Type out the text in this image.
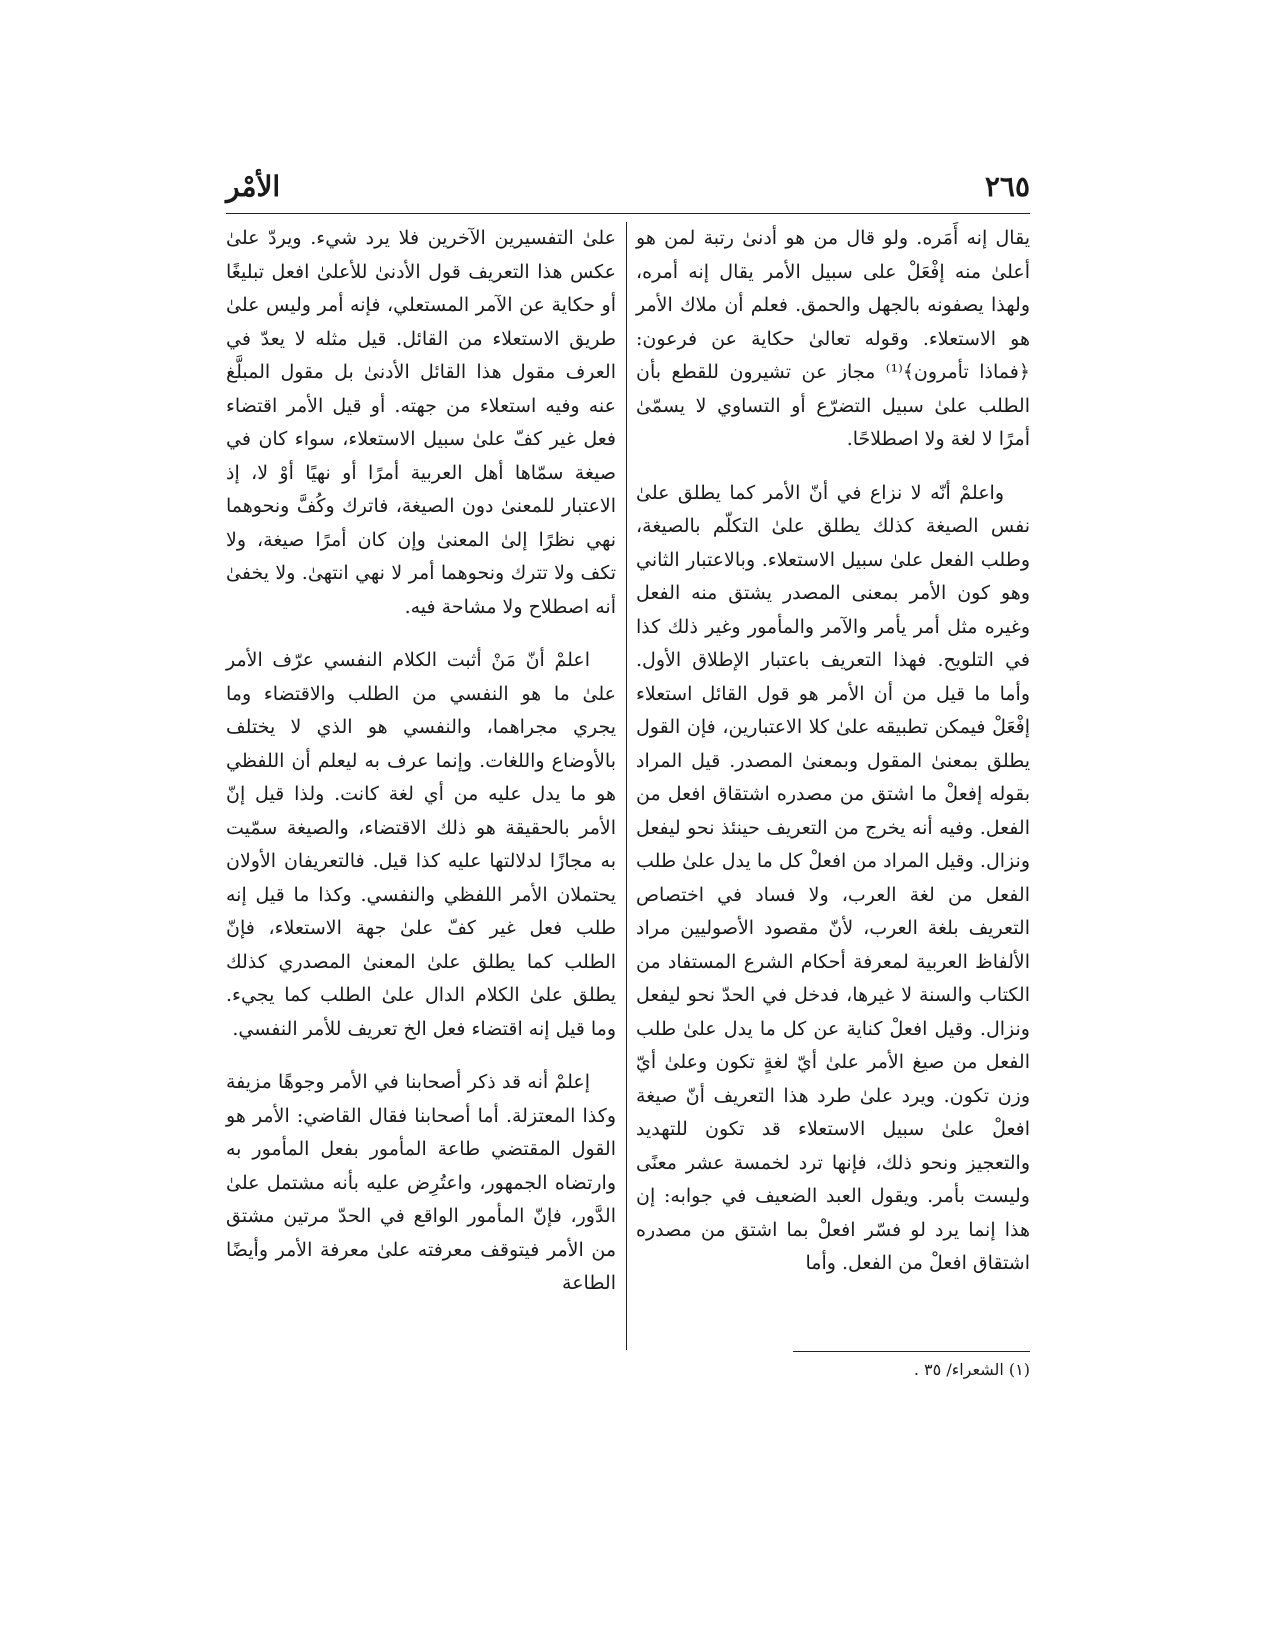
٢٦٥
الأمْر

يقال إنه أَمَره. ولو قال من هو أدنىٰ رتبة لمن هو أعلىٰ منه إفْعَلْ على سبيل الأمر يقال إنه أمره، ولهذا يصفونه بالجهل والحمق. فعلم أن ملاك الأمر هو الاستعلاء. وقوله تعالىٰ حكاية عن فرعون: ﴿فماذا تأمرون﴾⁽¹⁾ مجاز عن تشيرون للقطع بأن الطلب علىٰ سبيل التضرّع أو التساوي لا يسمّىٰ أمرًا لا لغة ولا اصطلاحًا.

واعلمْ أنّه لا نزاع في أنّ الأمر كما يطلق علىٰ نفس الصيغة كذلك يطلق علىٰ التكلّم بالصيغة، وطلب الفعل علىٰ سبيل الاستعلاء. وبالاعتبار الثاني وهو كون الأمر بمعنى المصدر يشتق منه الفعل وغيره مثل أمر يأمر والآمر والمأمور وغير ذلك كذا في التلويح. فهذا التعريف باعتبار الإطلاق الأول. وأما ما قيل من أن الأمر هو قول القائل استعلاء إفْعَلْ فيمكن تطبيقه علىٰ كلا الاعتبارين، فإن القول يطلق بمعنىٰ المقول وبمعنىٰ المصدر. قيل المراد بقوله إفعلْ ما اشتق من مصدره اشتقاق افعل من الفعل. وفيه أنه يخرج من التعريف حينئذ نحو ليفعل ونزال. وقيل المراد من افعلْ كل ما يدل علىٰ طلب الفعل من لغة العرب، ولا فساد في اختصاص التعريف بلغة العرب، لأنّ مقصود الأصوليين مراد الألفاظ العربية لمعرفة أحكام الشرع المستفاد من الكتاب والسنة لا غيرها، فدخل في الحدّ نحو ليفعل ونزال. وقيل افعلْ كناية عن كل ما يدل علىٰ طلب الفعل من صيغ الأمر علىٰ أيّ لغةٍ تكون وعلىٰ أيّ وزن تكون. ويرد علىٰ طرد هذا التعريف أنّ صيغة افعلْ علىٰ سبيل الاستعلاء قد تكون للتهديد والتعجيز ونحو ذلك، فإنها ترد لخمسة عشر معنًى وليست بأمر. ويقول العبد الضعيف في جوابه: إن هذا إنما يرد لو فسّر افعلْ بما اشتق من مصدره اشتقاق افعلْ من الفعل. وأما

علىٰ التفسيرين الآخرين فلا يرد شيء. ويردّ علىٰ عكس هذا التعريف قول الأدنىٰ للأعلىٰ افعل تبليغًا أو حكاية عن الآمر المستعلي، فإنه أمر وليس علىٰ طريق الاستعلاء من القائل. قيل مثله لا يعدّ في العرف مقول هذا القائل الأدنىٰ بل مقول المبلَّغ عنه وفيه استعلاء من جهته. أو قيل الأمر اقتضاء فعل غير كفّ علىٰ سبيل الاستعلاء، سواء كان في صيغة سمّاها أهل العربية أمرًا أو نهيًا أوْ لا، إذ الاعتبار للمعنىٰ دون الصيغة، فاترك وكُفَّ ونحوهما نهي نظرًا إلىٰ المعنىٰ وإن كان أمرًا صيغة، ولا تكف ولا تترك ونحوهما أمر لا نهي انتهىٰ. ولا يخفىٰ أنه اصطلاح ولا مشاحة فيه.

اعلمْ أنّ مَنْ أثبت الكلام النفسي عرّف الأمر علىٰ ما هو النفسي من الطلب والاقتضاء وما يجري مجراهما، والنفسي هو الذي لا يختلف بالأوضاع واللغات. وإنما عرف به ليعلم أن اللفظي هو ما يدل عليه من أي لغة كانت. ولذا قيل إنّ الأمر بالحقيقة هو ذلك الاقتضاء، والصيغة سمّيت به مجازًا لدلالتها عليه كذا قيل. فالتعريفان الأولان يحتملان الأمر اللفظي والنفسي. وكذا ما قيل إنه طلب فعل غير كفّ علىٰ جهة الاستعلاء، فإنّ الطلب كما يطلق علىٰ المعنىٰ المصدري كذلك يطلق علىٰ الكلام الدال علىٰ الطلب كما يجيء. وما قيل إنه اقتضاء فعل الخ تعريف للأمر النفسي.

إعلمْ أنه قد ذكر أصحابنا في الأمر وجوهًا مزيفة وكذا المعتزلة. أما أصحابنا فقال القاضي: الأمر هو القول المقتضي طاعة المأمور بفعل المأمور به وارتضاه الجمهور، واعتُرِض عليه بأنه مشتمل علىٰ الدَّور، فإنّ المأمور الواقع في الحدّ مرتين مشتق من الأمر فيتوقف معرفته علىٰ معرفة الأمر وأيضًا الطاعة

(١) الشعراء/ ٣٥ .
